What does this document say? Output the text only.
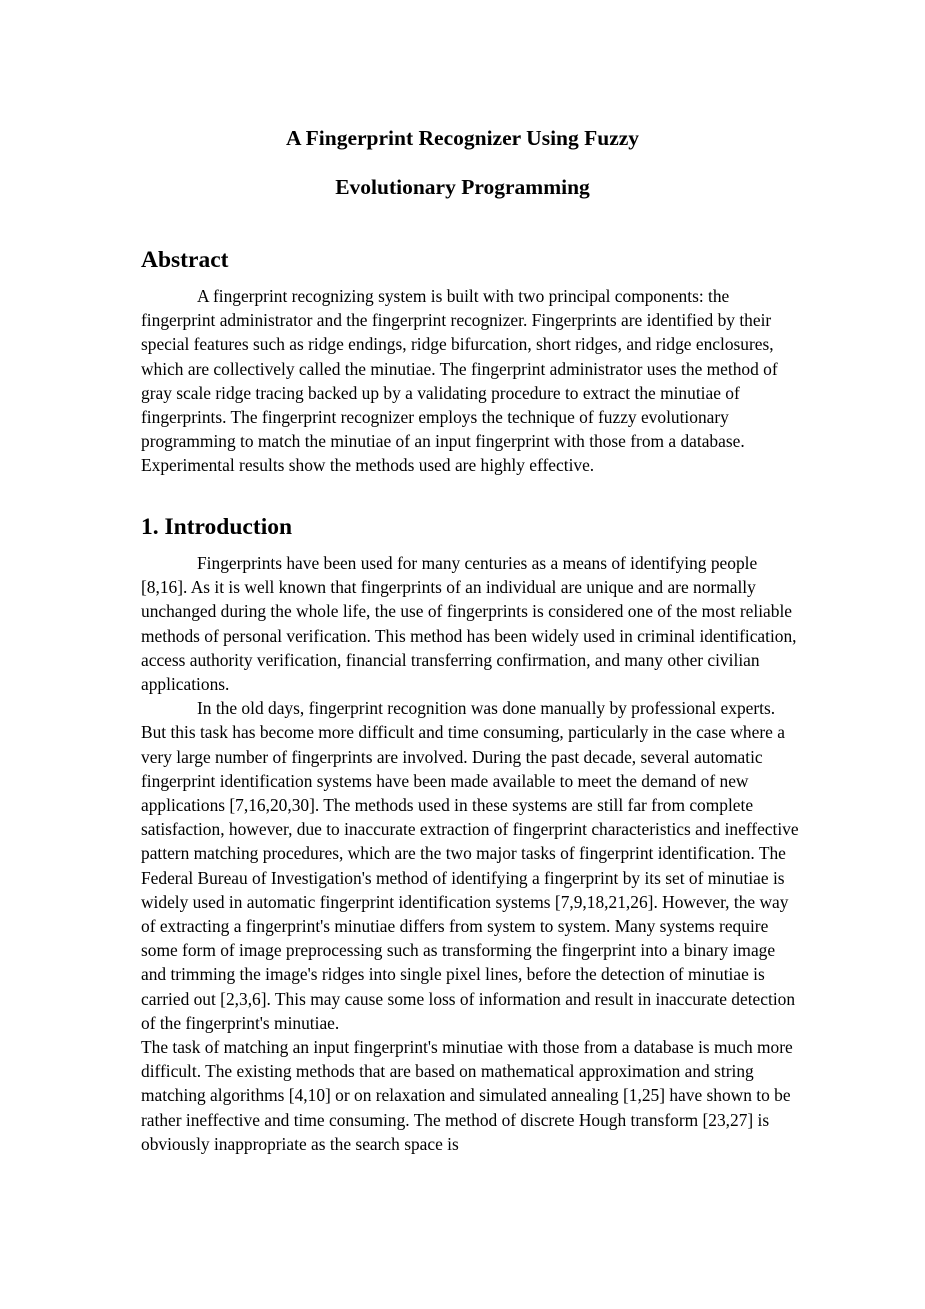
A Fingerprint Recognizer Using Fuzzy
Evolutionary Programming
Abstract

A fingerprint recognizing system is built with two principal components: the fingerprint administrator and the fingerprint recognizer. Fingerprints are identified by their special features such as ridge endings, ridge bifurcation, short ridges, and ridge enclosures, which are collectively called the minutiae. The fingerprint administrator uses the method of gray scale ridge tracing backed up by a validating procedure to extract the minutiae of fingerprints. The fingerprint recognizer employs the technique of fuzzy evolutionary programming to match the minutiae of an input fingerprint with those from a database. Experimental results show the methods used are highly effective.

1. Introduction

Fingerprints have been used for many centuries as a means of identifying people [8,16]. As it is well known that fingerprints of an individual are unique and are normally unchanged during the whole life, the use of fingerprints is considered one of the most reliable methods of personal verification. This method has been widely used in criminal identification, access authority verification, financial transferring confirmation, and many other civilian applications.

In the old days, fingerprint recognition was done manually by professional experts. But this task has become more difficult and time consuming, particularly in the case where a very large number of fingerprints are involved. During the past decade, several automatic fingerprint identification systems have been made available to meet the demand of new applications [7,16,20,30]. The methods used in these systems are still far from complete satisfaction, however, due to inaccurate extraction of fingerprint characteristics and ineffective pattern matching procedures, which are the two major tasks of fingerprint identification. The Federal Bureau of Investigation's method of identifying a fingerprint by its set of minutiae is widely used in automatic fingerprint identification systems [7,9,18,21,26]. However, the way of extracting a fingerprint's minutiae differs from system to system. Many systems require some form of image preprocessing such as transforming the fingerprint into a binary image and trimming the image's ridges into single pixel lines, before the detection of minutiae is carried out [2,3,6]. This may cause some loss of information and result in inaccurate detection of the fingerprint's minutiae.

The task of matching an input fingerprint's minutiae with those from a database is much more difficult. The existing methods that are based on mathematical approximation and string matching algorithms [4,10] or on relaxation and simulated annealing [1,25] have shown to be rather ineffective and time consuming. The method of discrete Hough transform [23,27] is obviously inappropriate as the search space is
